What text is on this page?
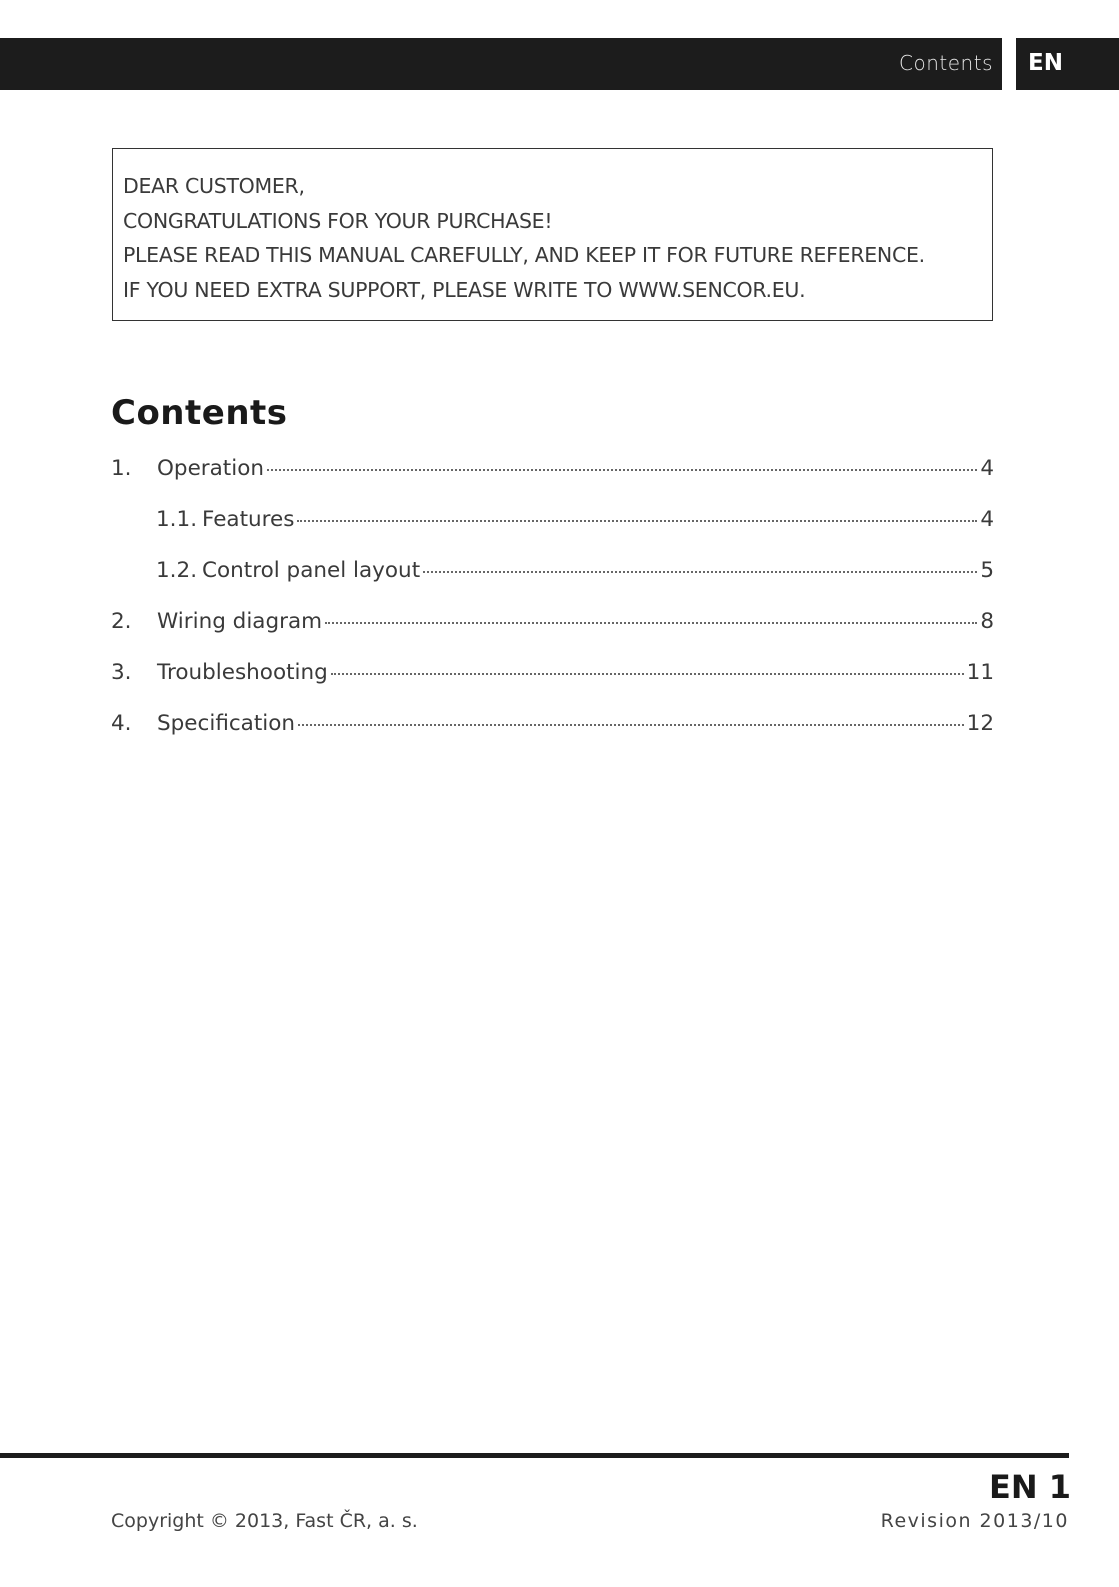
Contents EN
DEAR CUSTOMER,
CONGRATULATIONS FOR YOUR PURCHASE!
PLEASE READ THIS MANUAL CAREFULLY, AND KEEP IT FOR FUTURE REFERENCE.
IF YOU NEED EXTRA SUPPORT, PLEASE WRITE TO WWW.SENCOR.EU.
Contents
1.	Operation	4
1.1. Features	4
1.2. Control panel layout	5
2.	Wiring diagram	8
3.	Troubleshooting	11
4.	Specification	12
EN 1
Copyright © 2013, Fast ČR, a. s.	Revision 2013/10
